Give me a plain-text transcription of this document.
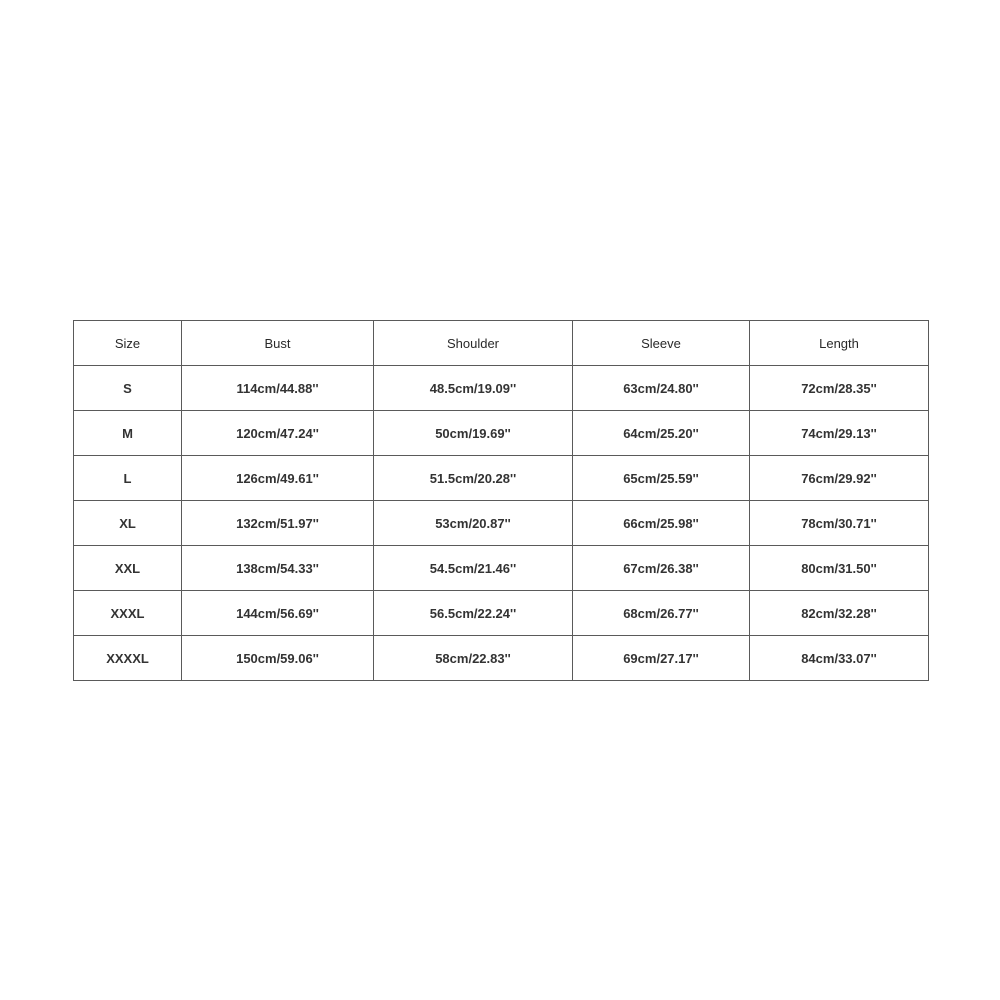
Size	Bust	Shoulder	Sleeve	Length
S	114cm/44.88''	48.5cm/19.09''	63cm/24.80''	72cm/28.35''
M	120cm/47.24''	50cm/19.69''	64cm/25.20''	74cm/29.13''
L	126cm/49.61''	51.5cm/20.28''	65cm/25.59''	76cm/29.92''
XL	132cm/51.97''	53cm/20.87''	66cm/25.98''	78cm/30.71''
XXL	138cm/54.33''	54.5cm/21.46''	67cm/26.38''	80cm/31.50''
XXXL	144cm/56.69''	56.5cm/22.24''	68cm/26.77''	82cm/32.28''
XXXXL	150cm/59.06''	58cm/22.83''	69cm/27.17''	84cm/33.07''
